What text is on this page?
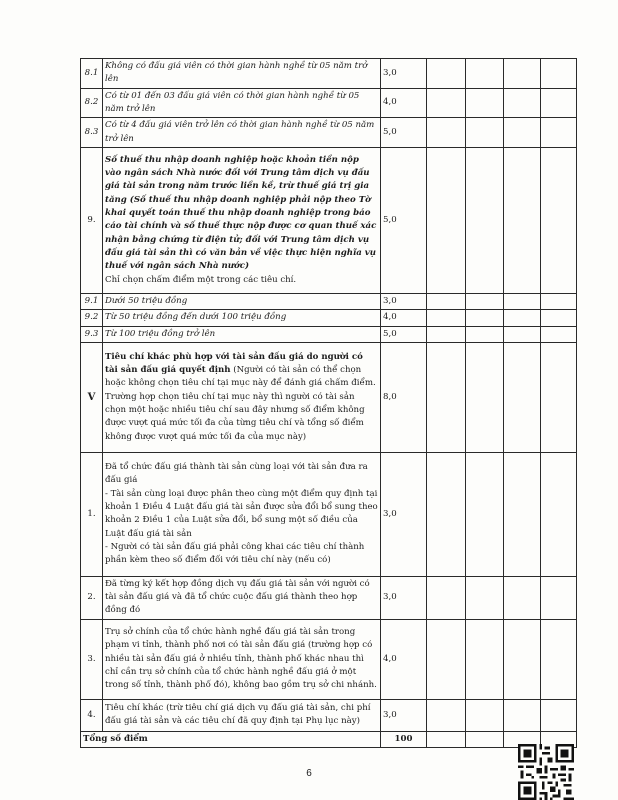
8.1	Không có đấu giá viên có thời gian hành nghề từ 05 năm trở lên	3,0				
8.2	Có từ 01 đến 03 đấu giá viên có thời gian hành nghề từ 05 năm trở lên	4,0				
8.3	Có từ 4 đấu giá viên trở lên có thời gian hành nghề từ 05 năm trở lên	5,0				
9.	Số thuế thu nhập doanh nghiệp hoặc khoản tiền nộp vào ngân sách Nhà nước đối với Trung tâm dịch vụ đấu giá tài sản trong năm trước liền kề, trừ thuế giá trị gia tăng (Số thuế thu nhập doanh nghiệp phải nộp theo Tờ khai quyết toán thuế thu nhập doanh nghiệp trong báo cáo tài chính và số thuế thực nộp được cơ quan thuế xác nhận bằng chứng từ điện tử; đối với Trung tâm dịch vụ đấu giá tài sản thì có văn bản về việc thực hiện nghĩa vụ thuế với ngân sách Nhà nước)
Chỉ chọn chấm điểm một trong các tiêu chí.	5,0				
9.1	Dưới 50 triệu đồng	3,0				
9.2	Từ 50 triệu đồng đến dưới 100 triệu đồng	4,0				
9.3	Từ 100 triệu đồng trở lên	5,0				
V	Tiêu chí khác phù hợp với tài sản đấu giá do người có tài sản đấu giá quyết định (Người có tài sản có thể chọn hoặc không chọn tiêu chí tại mục này để đánh giá chấm điểm. Trường hợp chọn tiêu chí tại mục này thì người có tài sản chọn một hoặc nhiều tiêu chí sau đây nhưng số điểm không được vượt quá mức tối đa của từng tiêu chí và tổng số điểm không được vượt quá mức tối đa của mục này)	8,0				
1.	Đã tổ chức đấu giá thành tài sản cùng loại với tài sản đưa ra đấu giá
- Tài sản cùng loại được phân theo cùng một điểm quy định tại khoản 1 Điều 4 Luật đấu giá tài sản được sửa đổi bổ sung theo khoản 2 Điều 1 của Luật sửa đổi, bổ sung một số điều của Luật đấu giá tài sản
- Người có tài sản đấu giá phải công khai các tiêu chí thành phần kèm theo số điểm đối với tiêu chí này (nếu có)	3,0				
2.	Đã từng ký kết hợp đồng dịch vụ đấu giá tài sản với người có tài sản đấu giá và đã tổ chức cuộc đấu giá thành theo hợp đồng đó	3,0				
3.	Trụ sở chính của tổ chức hành nghề đấu giá tài sản trong phạm vi tỉnh, thành phố nơi có tài sản đấu giá (trường hợp có nhiều tài sản đấu giá ở nhiều tỉnh, thành phố khác nhau thì chỉ cần trụ sở chính của tổ chức hành nghề đấu giá ở một trong số tỉnh, thành phố đó), không bao gồm trụ sở chi nhánh.	4,0				
4.	Tiêu chí khác (trừ tiêu chí giá dịch vụ đấu giá tài sản, chi phí đấu giá tài sản và các tiêu chí đã quy định tại Phụ lục này)	3,0				
Tổng số điểm		100				
6
